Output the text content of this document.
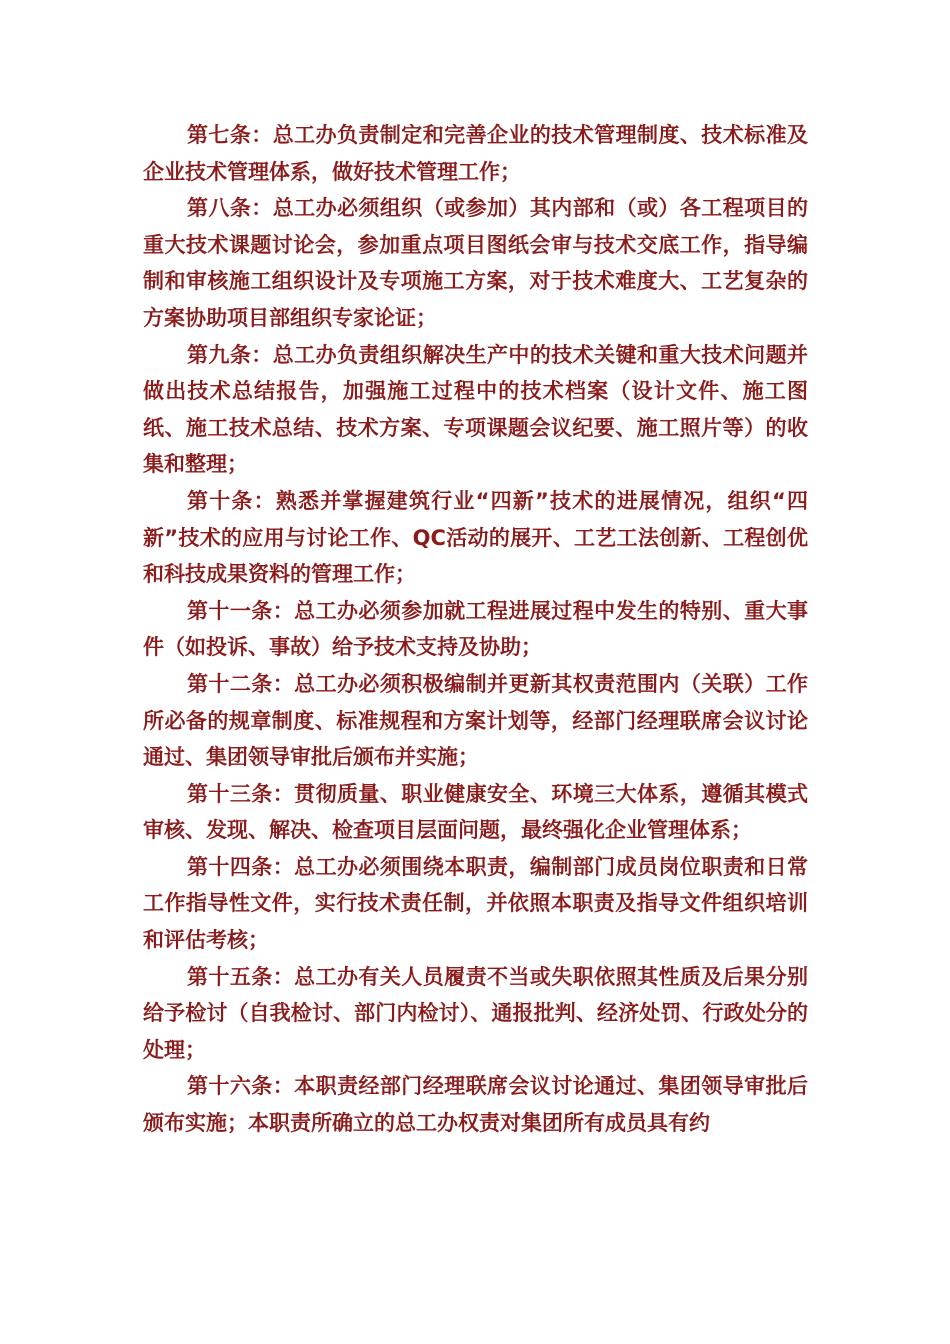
第七条：总工办负责制定和完善企业的技术管理制度、技术标准及企业技术管理体系，做好技术管理工作；

第八条：总工办必须组织（或参加）其内部和（或）各工程项目的重大技术课题讨论会，参加重点项目图纸会审与技术交底工作，指导编制和审核施工组织设计及专项施工方案，对于技术难度大、工艺复杂的方案协助项目部组织专家论证；

第九条：总工办负责组织解决生产中的技术关键和重大技术问题并做出技术总结报告，加强施工过程中的技术档案（设计文件、施工图纸、施工技术总结、技术方案、专项课题会议纪要、施工照片等）的收集和整理；

第十条：熟悉并掌握建筑行业“四新”技术的进展情况，组织“四新”技术的应用与讨论工作、QC活动的展开、工艺工法创新、工程创优和科技成果资料的管理工作；

第十一条：总工办必须参加就工程进展过程中发生的特别、重大事件（如投诉、事故）给予技术支持及协助；

第十二条：总工办必须积极编制并更新其权责范围内（关联）工作所必备的规章制度、标准规程和方案计划等，经部门经理联席会议讨论通过、集团领导审批后颁布并实施；

第十三条：贯彻质量、职业健康安全、环境三大体系，遵循其模式审核、发现、解决、检查项目层面问题，最终强化企业管理体系；

第十四条：总工办必须围绕本职责，编制部门成员岗位职责和日常工作指导性文件，实行技术责任制，并依照本职责及指导文件组织培训和评估考核；

第十五条：总工办有关人员履责不当或失职依照其性质及后果分别给予检讨（自我检讨、部门内检讨）、通报批判、经济处罚、行政处分的处理；

第十六条：本职责经部门经理联席会议讨论通过、集团领导审批后颁布实施；本职责所确立的总工办权责对集团所有成员具有约
